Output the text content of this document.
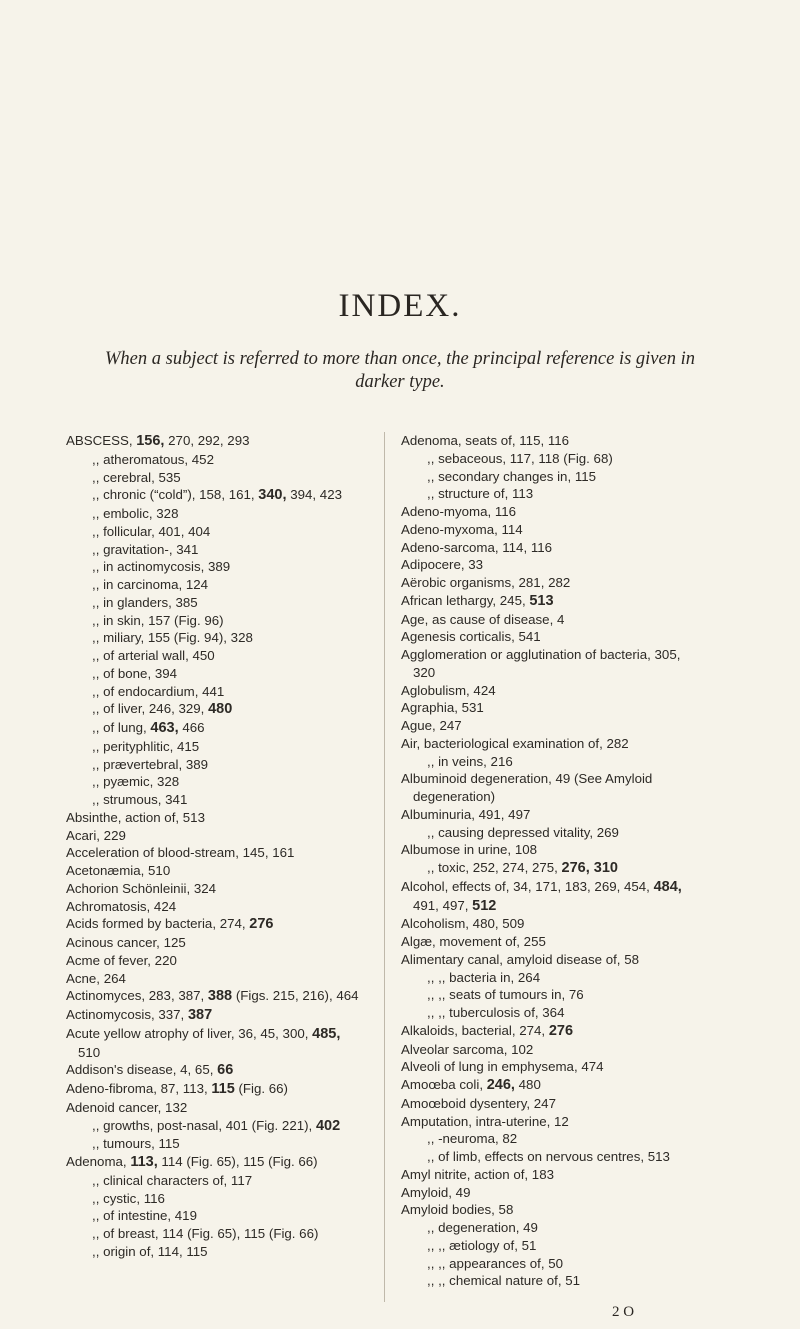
INDEX.
When a subject is referred to more than once, the principal reference is given in darker type.
ABSCESS, 156, 270, 292, 293
,, atheromatous, 452
,, cerebral, 535
,, chronic (“cold”), 158, 161, 340, 394, 423
,, embolic, 328
,, follicular, 401, 404
,, gravitation-, 341
,, in actinomycosis, 389
,, in carcinoma, 124
,, in glanders, 385
,, in skin, 157 (Fig. 96)
,, miliary, 155 (Fig. 94), 328
,, of arterial wall, 450
,, of bone, 394
,, of endocardium, 441
,, of liver, 246, 329, 480
,, of lung, 463, 466
,, perityphlitic, 415
,, prævertebral, 389
,, pyæmic, 328
,, strumous, 341
Absinthe, action of, 513
Acari, 229
Acceleration of blood-stream, 145, 161
Acetonæmia, 510
Achorion Schönleinii, 324
Achromatosis, 424
Acids formed by bacteria, 274, 276
Acinous cancer, 125
Acme of fever, 220
Acne, 264
Actinomyces, 283, 387, 388 (Figs. 215, 216), 464
Actinomycosis, 337, 387
Acute yellow atrophy of liver, 36, 45, 300, 485, 510
Addison's disease, 4, 65, 66
Adeno-fibroma, 87, 113, 115 (Fig. 66)
Adenoid cancer, 132
,, growths, post-nasal, 401 (Fig. 221), 402
,, tumours, 115
Adenoma, 113, 114 (Fig. 65), 115 (Fig. 66)
,, clinical characters of, 117
,, cystic, 116
,, of intestine, 419
,, of breast, 114 (Fig. 65), 115 (Fig. 66)
,, origin of, 114, 115
Adenoma, seats of, 115, 116
,, sebaceous, 117, 118 (Fig. 68)
,, secondary changes in, 115
,, structure of, 113
Adeno-myoma, 116
Adeno-myxoma, 114
Adeno-sarcoma, 114, 116
Adipocere, 33
Aërobic organisms, 281, 282
African lethargy, 245, 513
Age, as cause of disease, 4
Agenesis corticalis, 541
Agglomeration or agglutination of bacteria, 305, 320
Aglobulism, 424
Agraphia, 531
Ague, 247
Air, bacteriological examination of, 282
,, in veins, 216
Albuminoid degeneration, 49 (See Amyloid degeneration)
Albuminuria, 491, 497
,, causing depressed vitality, 269
Albumose in urine, 108
,, toxic, 252, 274, 275, 276, 310
Alcohol, effects of, 34, 171, 183, 269, 454, 484, 491, 497, 512
Alcoholism, 480, 509
Algæ, movement of, 255
Alimentary canal, amyloid disease of, 58
,, ,, bacteria in, 264
,, ,, seats of tumours in, 76
,, ,, tuberculosis of, 364
Alkaloids, bacterial, 274, 276
Alveolar sarcoma, 102
Alveoli of lung in emphysema, 474
Amoœba coli, 246, 480
Amoœboid dysentery, 247
Amputation, intra-uterine, 12
,, -neuroma, 82
,, of limb, effects on nervous centres, 513
Amyl nitrite, action of, 183
Amyloid, 49
Amyloid bodies, 58
,, degeneration, 49
,, ,, ætiology of, 51
,, ,, appearances of, 50
,, ,, chemical nature of, 51
2 O
